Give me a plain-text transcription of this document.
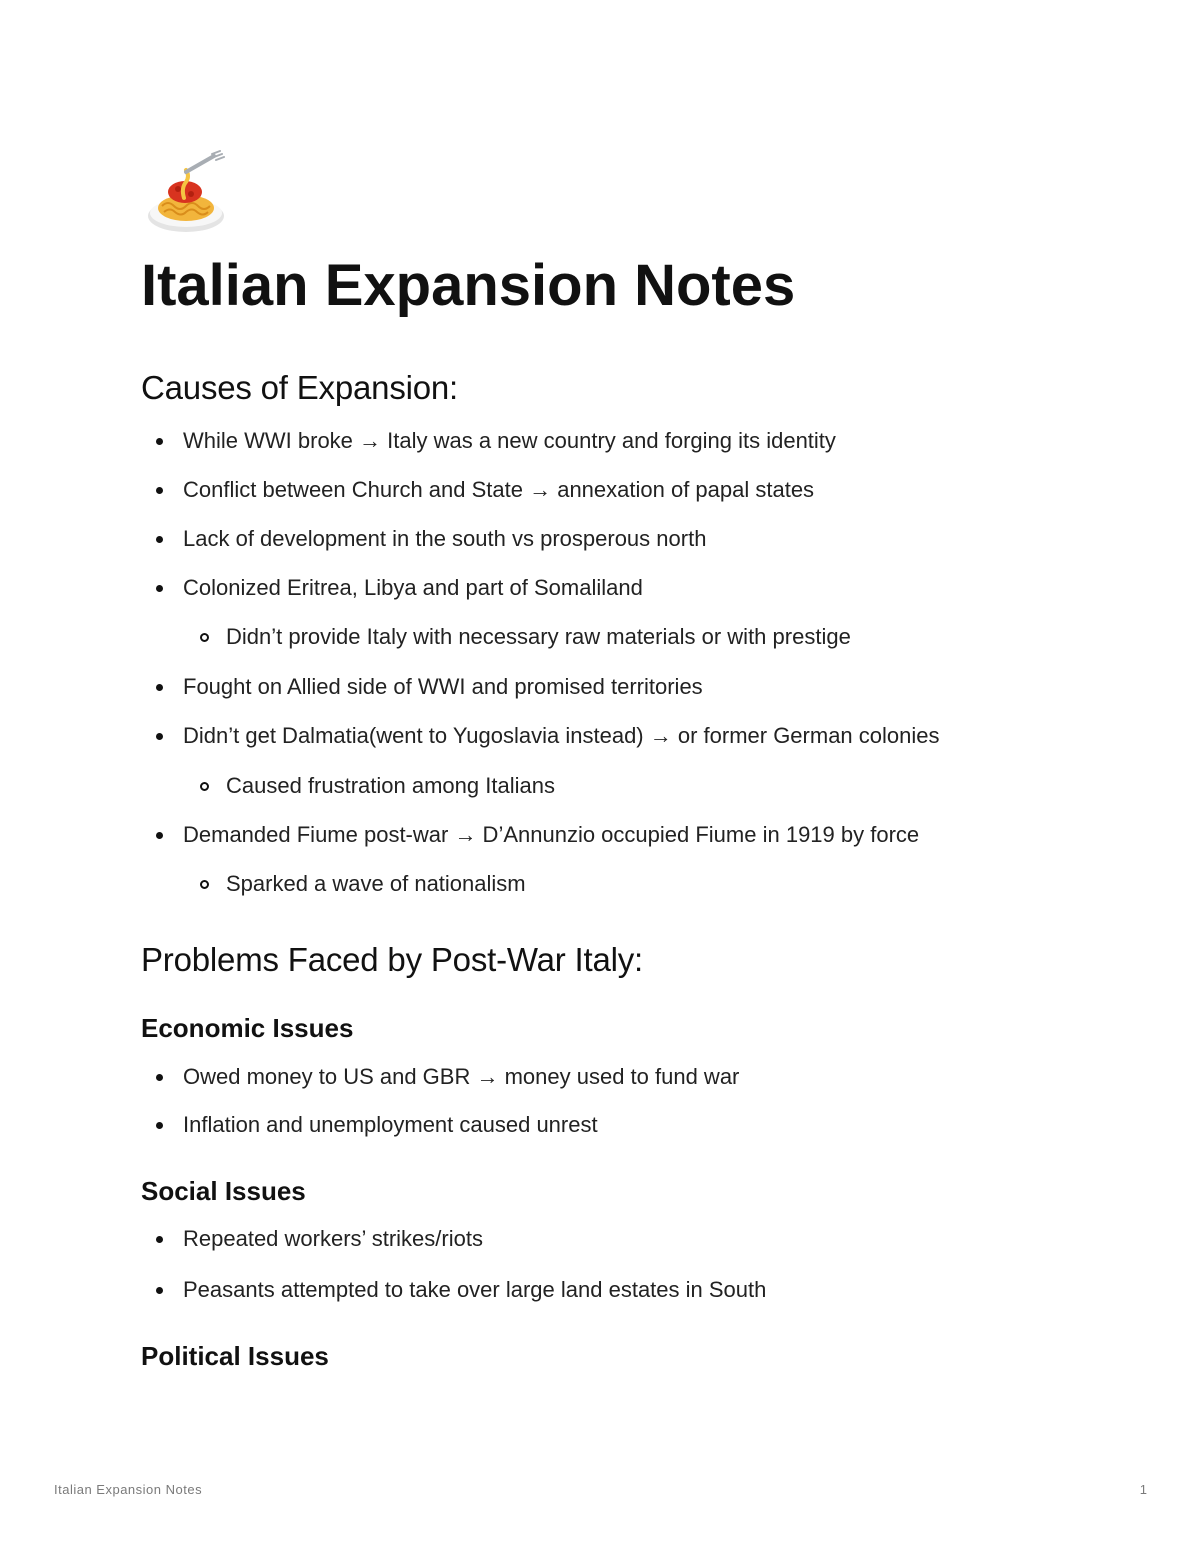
Italian Expansion Notes
Causes of Expansion:

While WWI broke → Italy was a new country and forging its identity

Conflict between Church and State → annexation of papal states

Lack of development in the south vs prosperous north

Colonized Eritrea, Libya and part of Somaliland

Didn’t provide Italy with necessary raw materials or with prestige

Fought on Allied side of WWI and promised territories

Didn’t get Dalmatia(went to Yugoslavia instead) → or former German colonies

Caused frustration among Italians

Demanded Fiume post-war → D’Annunzio occupied Fiume in 1919 by force

Sparked a wave of nationalism

Problems Faced by Post-War Italy:
Economic Issues

Owed money to US and GBR → money used to fund war

Inflation and unemployment caused unrest

Social Issues

Repeated workers’ strikes/riots

Peasants attempted to take over large land estates in South

Political Issues
Italian Expansion Notes	1
